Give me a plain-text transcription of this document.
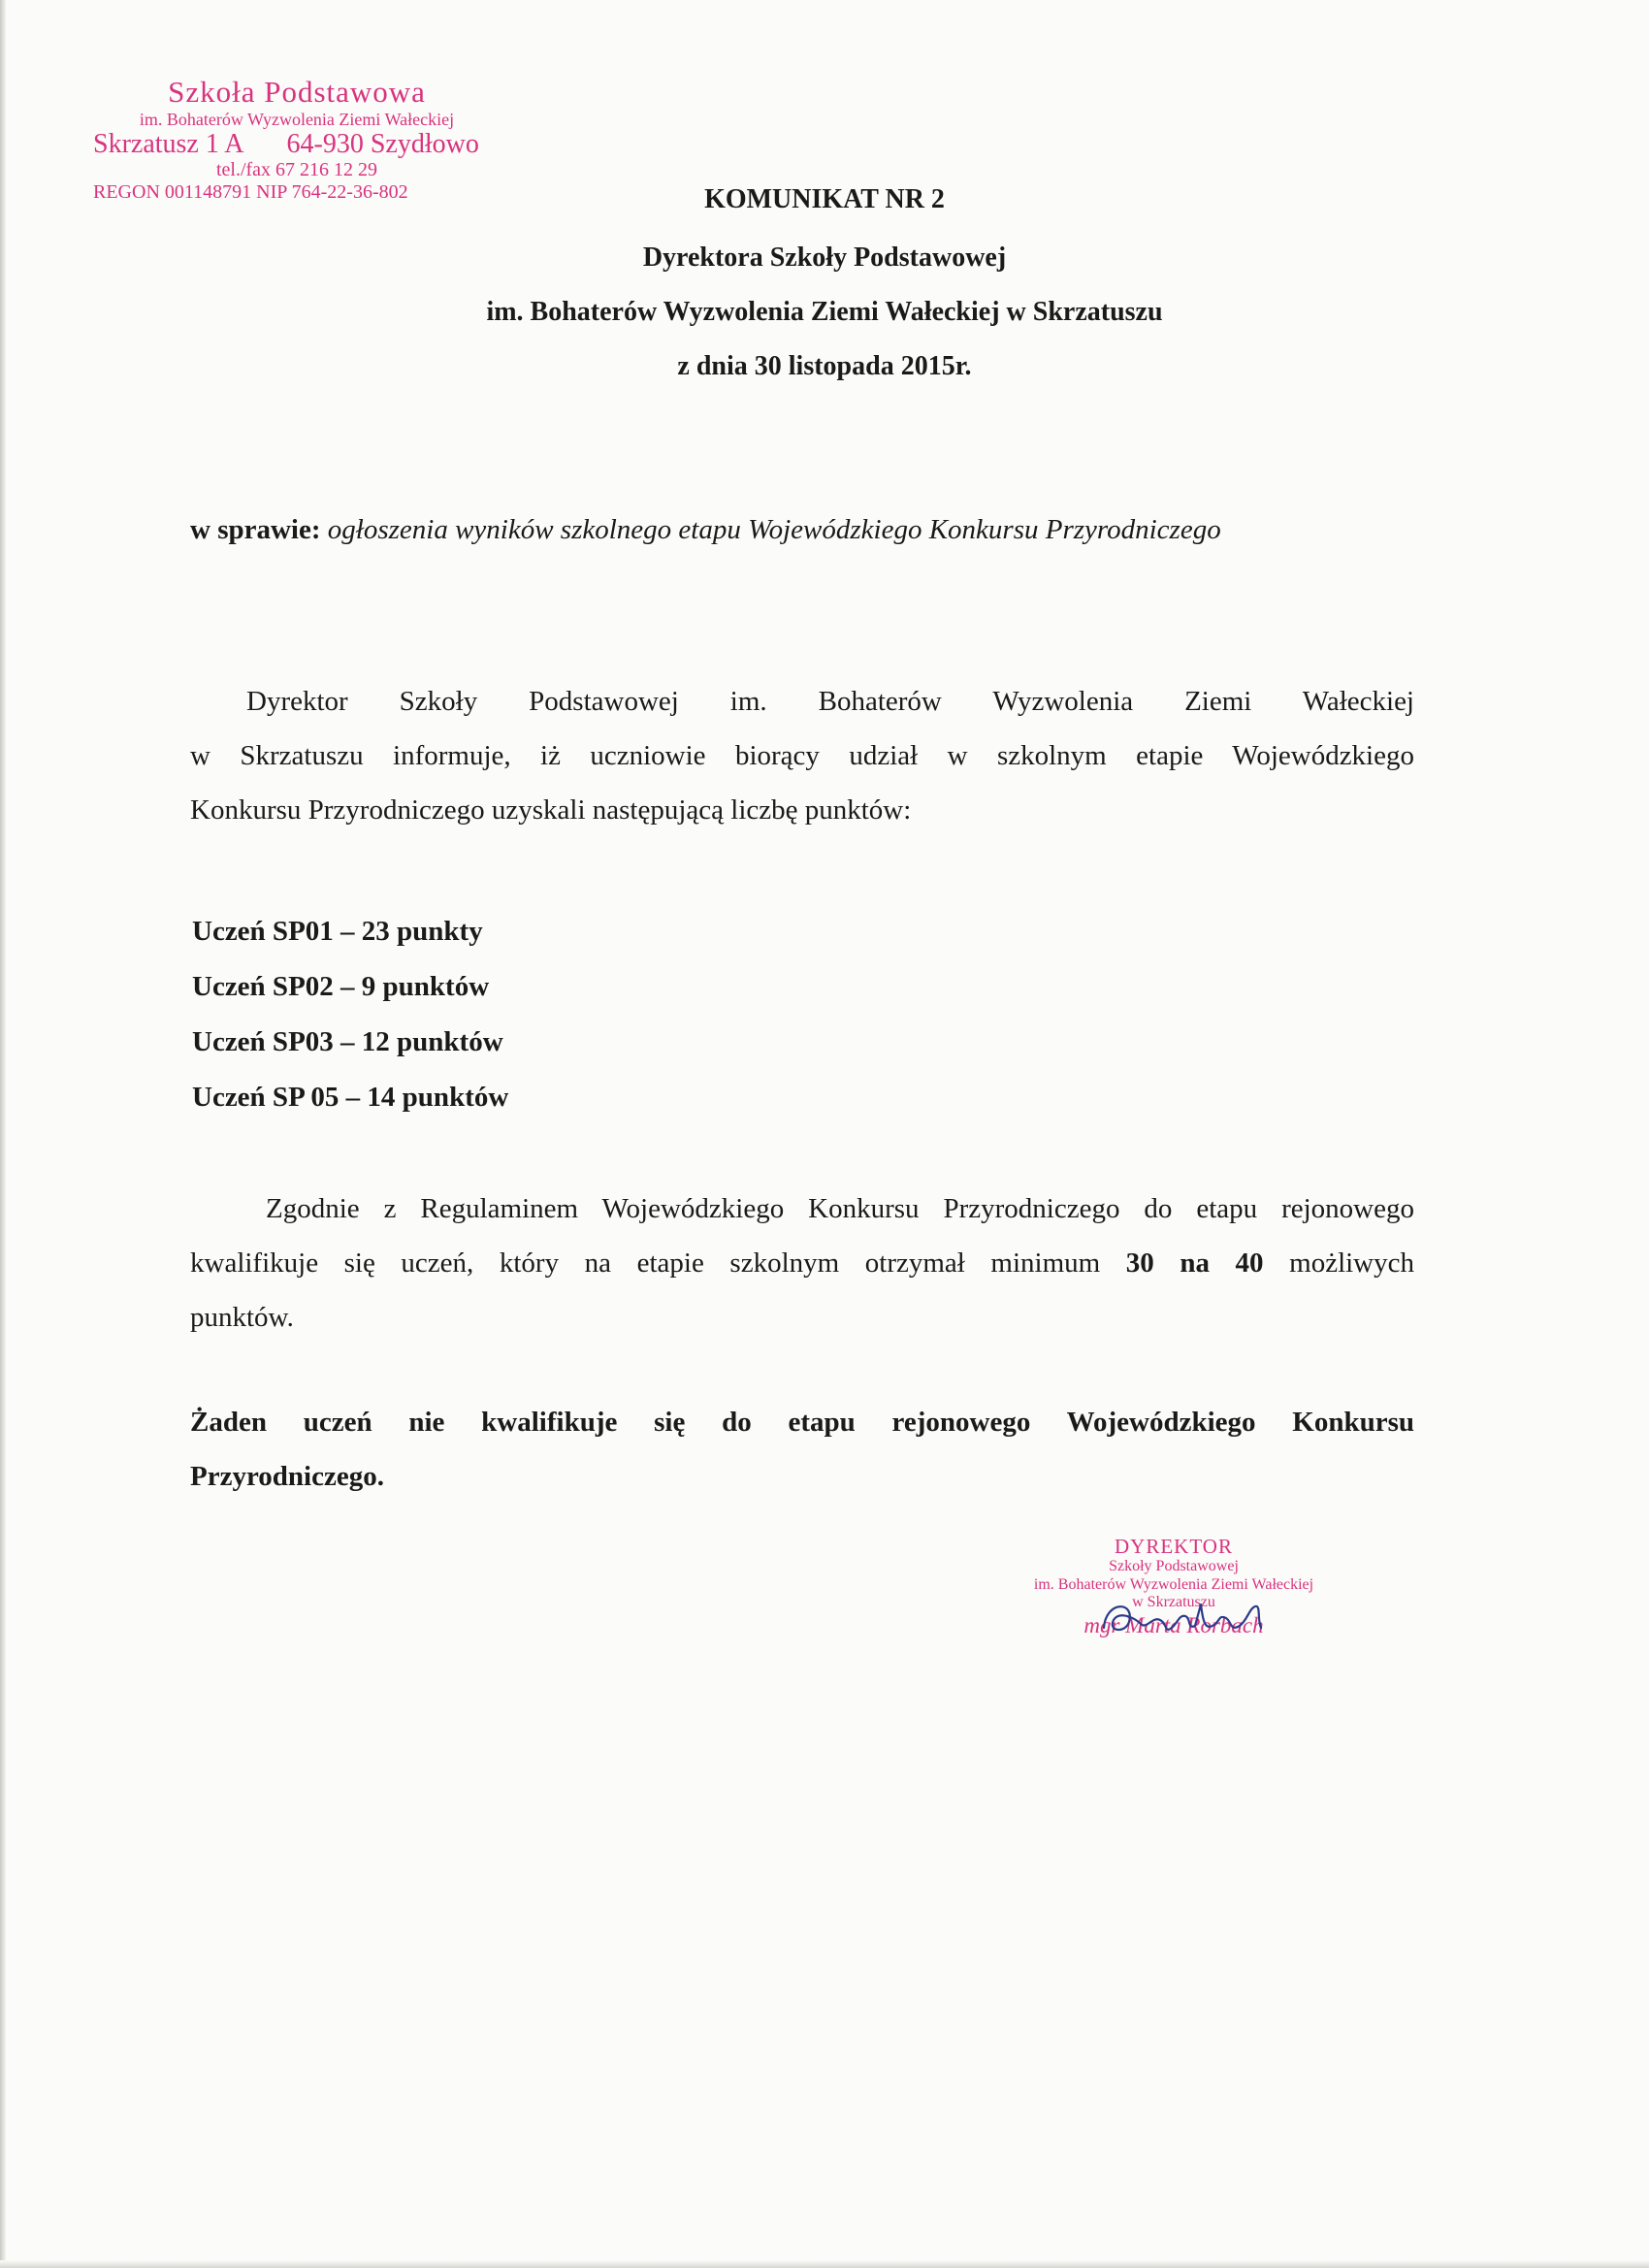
Szkoła Podstawowa
im. Bohaterów Wyzwolenia Ziemi Wałeckiej
Skrzatusz 1 A 64-930 Szydłowo
tel./fax 67 216 12 29
REGON 001148791 NIP 764-22-36-802	KOMUNIKAT NR 2
Dyrektora Szkoły Podstawowej
im. Bohaterów Wyzwolenia Ziemi Wałeckiej w Skrzatuszu
z dnia 30 listopada 2015r.
w sprawie: ogłoszenia wyników szkolnego etapu Wojewódzkiego Konkursu Przyrodniczego
Dyrektor Szkoły Podstawowej im. Bohaterów Wyzwolenia Ziemi Wałeckiej
w Skrzatuszu informuje, iż uczniowie biorący udział w szkolnym etapie Wojewódzkiego
Konkursu Przyrodniczego uzyskali następującą liczbę punktów:
Uczeń SP01 – 23 punkty
Uczeń SP02 – 9 punktów
Uczeń SP03 – 12 punktów
Uczeń SP 05 – 14 punktów
Zgodnie z Regulaminem Wojewódzkiego Konkursu Przyrodniczego do etapu rejonowego
kwalifikuje się uczeń, który na etapie szkolnym otrzymał minimum 30 na 40 możliwych
punktów.
Żaden uczeń nie kwalifikuje się do etapu rejonowego Wojewódzkiego Konkursu
Przyrodniczego.
DYREKTOR
Szkoły Podstawowej
im. Bohaterów Wyzwolenia Ziemi Wałeckiej
w Skrzatuszu
mgr Marta Rorbach
